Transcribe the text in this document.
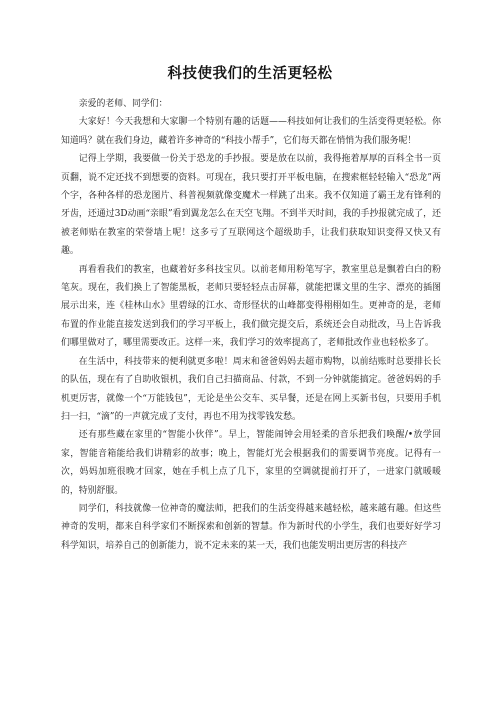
科技使我们的生活更轻松

亲爱的老师、同学们：

大家好！今天我想和大家聊一个特别有趣的话题——科技如何让我们的生活变得更轻松。你知道吗？就在我们身边，藏着许多神奇的“科技小帮手”，它们每天都在悄悄为我们服务呢！

记得上学期，我要做一份关于恐龙的手抄报。要是放在以前，我得拖着厚厚的百科全书一页页翻，说不定还找不到想要的资料。可现在，我只要打开平板电脑，在搜索框轻轻输入“恐龙”两个字，各种各样的恐龙图片、科普视频就像变魔术一样跳了出来。我不仅知道了霸王龙有锋利的牙齿，还通过3D动画“亲眼”看到翼龙怎么在天空飞翔。不到半天时间，我的手抄报就完成了，还被老师贴在教室的荣誉墙上呢！这多亏了互联网这个超级助手，让我们获取知识变得又快又有趣。

再看看我们的教室，也藏着好多科技宝贝。以前老师用粉笔写字，教室里总是飘着白白的粉笔灰。现在，我们换上了智能黑板，老师只要轻轻点击屏幕，就能把课文里的生字、漂亮的插图展示出来，连《桂林山水》里碧绿的江水、奇形怪状的山峰都变得栩栩如生。更神奇的是，老师布置的作业能直接发送到我们的学习平板上，我们做完提交后，系统还会自动批改，马上告诉我们哪里做对了，哪里需要改正。这样一来，我们学习的效率提高了，老师批改作业也轻松多了。

在生活中，科技带来的便利就更多啦！周末和爸爸妈妈去超市购物，以前结账时总要排长长的队伍，现在有了自助收银机，我们自己扫描商品、付款，不到一分钟就能搞定。爸爸妈妈的手机更厉害，就像一个“万能钱包”，无论是坐公交车、买早餐，还是在网上买新书包，只要用手机扫一扫，“滴”的一声就完成了支付，再也不用为找零钱发愁。

还有那些藏在家里的“智能小伙伴”。早上，智能闹钟会用轻柔的音乐把我们唤醒/•放学回家，智能音箱能给我们讲精彩的故事；晚上，智能灯光会根据我们的需要调节亮度。记得有一次，妈妈加班很晚才回家，她在手机上点了几下，家里的空调就提前打开了，一进家门就暖暖的，特别舒服。

同学们，科技就像一位神奇的魔法师，把我们的生活变得越来越轻松，越来越有趣。但这些神奇的发明，都来自科学家们不断探索和创新的智慧。作为新时代的小学生，我们也要好好学习科学知识，培养自己的创新能力，说不定未来的某一天，我们也能发明出更厉害的科技产
